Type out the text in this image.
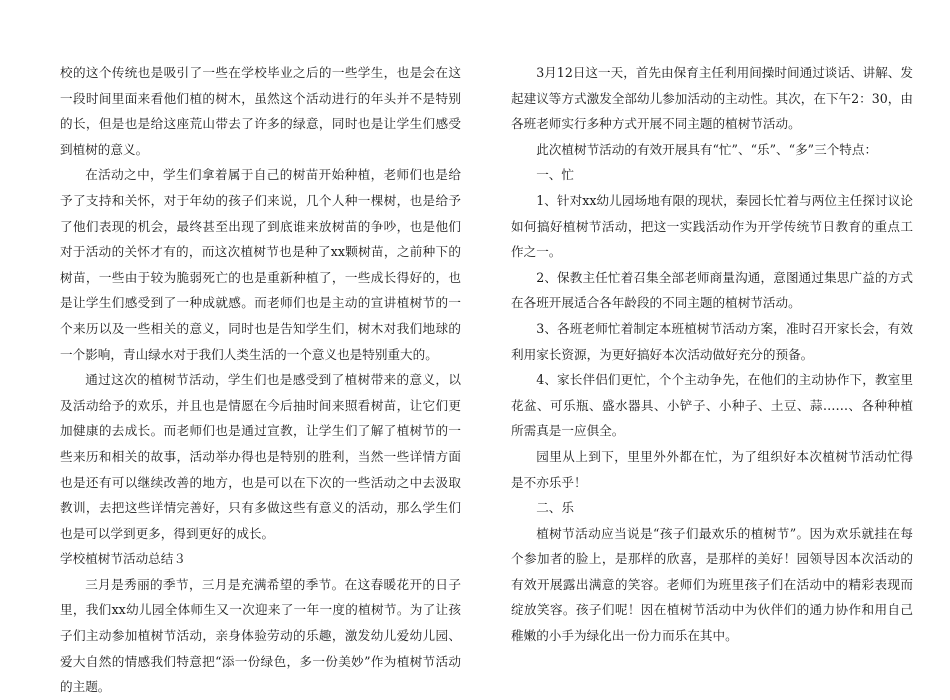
校的这个传统也是吸引了一些在学校毕业之后的一些学生，也是会在这一段时间里面来看他们植的树木，虽然这个活动进行的年头并不是特别的长，但是也是给这座荒山带去了许多的绿意，同时也是让学生们感受到植树的意义。

在活动之中，学生们拿着属于自己的树苗开始种植，老师们也是给予了支持和关怀，对于年幼的孩子们来说，几个人种一棵树，也是给予了他们表现的机会，最终甚至出现了到底谁来放树苗的争吵，也是他们对于活动的关怀才有的，而这次植树节也是种了xx颗树苗，之前种下的树苗，一些由于较为脆弱死亡的也是重新种植了，一些成长得好的，也是让学生们感受到了一种成就感。而老师们也是主动的宣讲植树节的一个来历以及一些相关的意义，同时也是告知学生们，树木对我们地球的一个影响，青山绿水对于我们人类生活的一个意义也是特别重大的。

通过这次的植树节活动，学生们也是感受到了植树带来的意义，以及活动给予的欢乐，并且也是情愿在今后抽时间来照看树苗，让它们更加健康的去成长。而老师们也是通过宣教，让学生们了解了植树节的一些来历和相关的故事，活动举办得也是特别的胜利，当然一些详情方面也是还有可以继续改善的地方，也是可以在下次的一些活动之中去汲取教训，去把这些详情完善好，只有多做这些有意义的活动，那么学生们也是可以学到更多，得到更好的成长。

学校植树节活动总结３

三月是秀丽的季节，三月是充满希望的季节。在这春暖花开的日子里，我们xx幼儿园全体师生又一次迎来了一年一度的植树节。为了让孩子们主动参加植树节活动，亲身体验劳动的乐趣，激发幼儿爱幼儿园、爱大自然的情感我们特意把“添一份绿色，多一份美妙”作为植树节活动的主题。

3月12日这一天，首先由保育主任利用间操时间通过谈话、讲解、发起建议等方式激发全部幼儿参加活动的主动性。其次，在下午2：30，由各班老师实行多种方式开展不同主题的植树节活动。

此次植树节活动的有效开展具有“忙”、“乐”、“多”三个特点：

一、忙

1、针对xx幼儿园场地有限的现状，秦园长忙着与两位主任探讨议论如何搞好植树节活动，把这一实践活动作为开学传统节日教育的重点工作之一。

2、保教主任忙着召集全部老师商量沟通，意图通过集思广益的方式在各班开展适合各年龄段的不同主题的植树节活动。

3、各班老师忙着制定本班植树节活动方案，准时召开家长会，有效利用家长资源，为更好搞好本次活动做好充分的预备。

4、家长伴侣们更忙，个个主动争先，在他们的主动协作下，教室里花盆、可乐瓶、盛水器具、小铲子、小种子、土豆、蒜……、各种种植所需真是一应俱全。

园里从上到下，里里外外都在忙，为了组织好本次植树节活动忙得是不亦乐乎！

二、乐

植树节活动应当说是“孩子们最欢乐的植树节”。因为欢乐就挂在每个参加者的脸上，是那样的欣喜，是那样的美好！园领导因本次活动的有效开展露出满意的笑容。老师们为班里孩子们在活动中的精彩表现而绽放笑容。孩子们呢！因在植树节活动中为伙伴们的通力协作和用自己稚嫩的小手为绿化出一份力而乐在其中。
